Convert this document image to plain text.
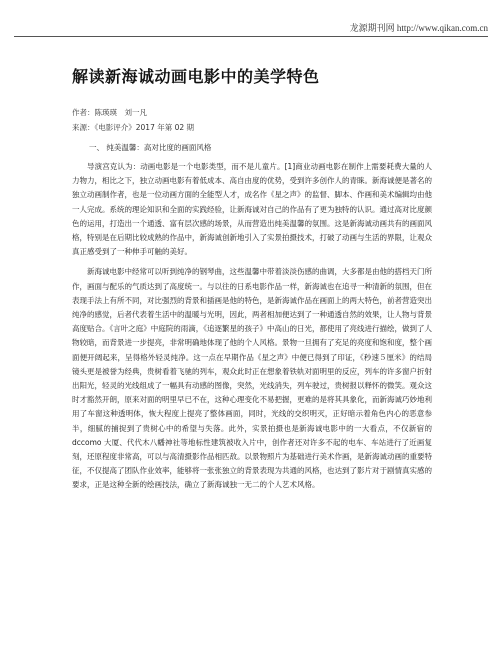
龙源期刊网 http://www.qikan.com.cn
解读新海诚动画电影中的美学特色
作者：陈瑛瑛　刘一凡
来源：《电影评介》2017 年第 02 期
一、 纯美温馨：高对比度的画面风格

导演宫克认为：动画电影是一个电影类型，而不是儿童片。[1]商业动画电影在制作上需要耗费大量的人力物力，相比之下，独立动画电影有着低成本、高自由度的优势，受到许多创作人的青睐。新海诚便是著名的独立动画制作者，也是一位动画方面的全能型人才，成名作《星之声》的监督、脚本、作画和美术编辑均由他一人完成。系统的理论知识和全面的实践经验，让新海诚对自己的作品有了更为独特的认识。通过高对比度颜色的运用，打造出一个通透、富有层次感的场景，从而营造出纯美温馨的氛围。这是新海诚动画共有的画面风格，特别是在后期比较成熟的作品中，新海诚创新地引入了实景拍摄技术，打破了动画与生活的界限，让观众真正感受到了一种伸手可触的美好。

新海诚电影中经常可以听到纯净的钢琴曲，这些温馨中带着淡淡伤感的曲调，大多都是由他的搭档天门所作，画面与配乐的气质达到了高度统一。与以往的日系电影作品一样，新海诚也在追寻一种清新的氛围，但在表现手法上有所不同，对比强烈的背景和插画是他的特色，是新海诚作品在画面上的两大特色，前者营造突出纯净的感觉，后者代表着生活中的温暖与光明，因此，两者相加便达到了一种通透自然的效果，让人物与背景高度贴合。《言叶之庭》中庭院的雨滴，《追逐繁星的孩子》中高山的日光，都使用了亮线进行描绘，做到了人物较暗，而背景进一步提亮，非常明确地体现了他的个人风格。景物一旦拥有了充足的亮度和饱和度，整个画面便开阔起来，呈得格外轻灵纯净。这一点在早期作品《星之声》中便已得到了印证，《秒速５厘米》的结局镜头更是被誉为经典，贵树看着飞驰的列车，观众此时正在想象着铁轨对面明里的反应，列车的许多窗户折射出阳光，轻灵的光线组成了一幅具有动感的图像，突然，光线消失，列车驶过，贵树报以释怀的微笑。观众这时才豁然开朗，原来对面的明里早已不在，这种心理变化不易把握，更难的是将其具象化，而新海诚巧妙地利用了车窗这种透明体，恢大程度上提亮了整体画面，同时，光线的交织明灭，正好暗示着角色内心的恶意参半，细腻的捕捉到了贵树心中的希望与失落。此外，实景拍摄也是新海诚电影中的一大看点，不仅新宿的 dccomo 大厦、代代木八幡神社等地标性建筑被收入片中，创作者还对许多不起的电车、车站进行了近画复刻，还原程度非常高，可以与高清摄影作品相匹敌。以景物照片为基础进行美术作画，是新海诚动画的重要特征，不仅提高了团队作业效率，能够将一张张独立的背景表现为共通的风格，也达到了影片对于剧情真实感的要求，正是这种全新的绘画技法，确立了新海诚独一无二的个人艺术风格。
